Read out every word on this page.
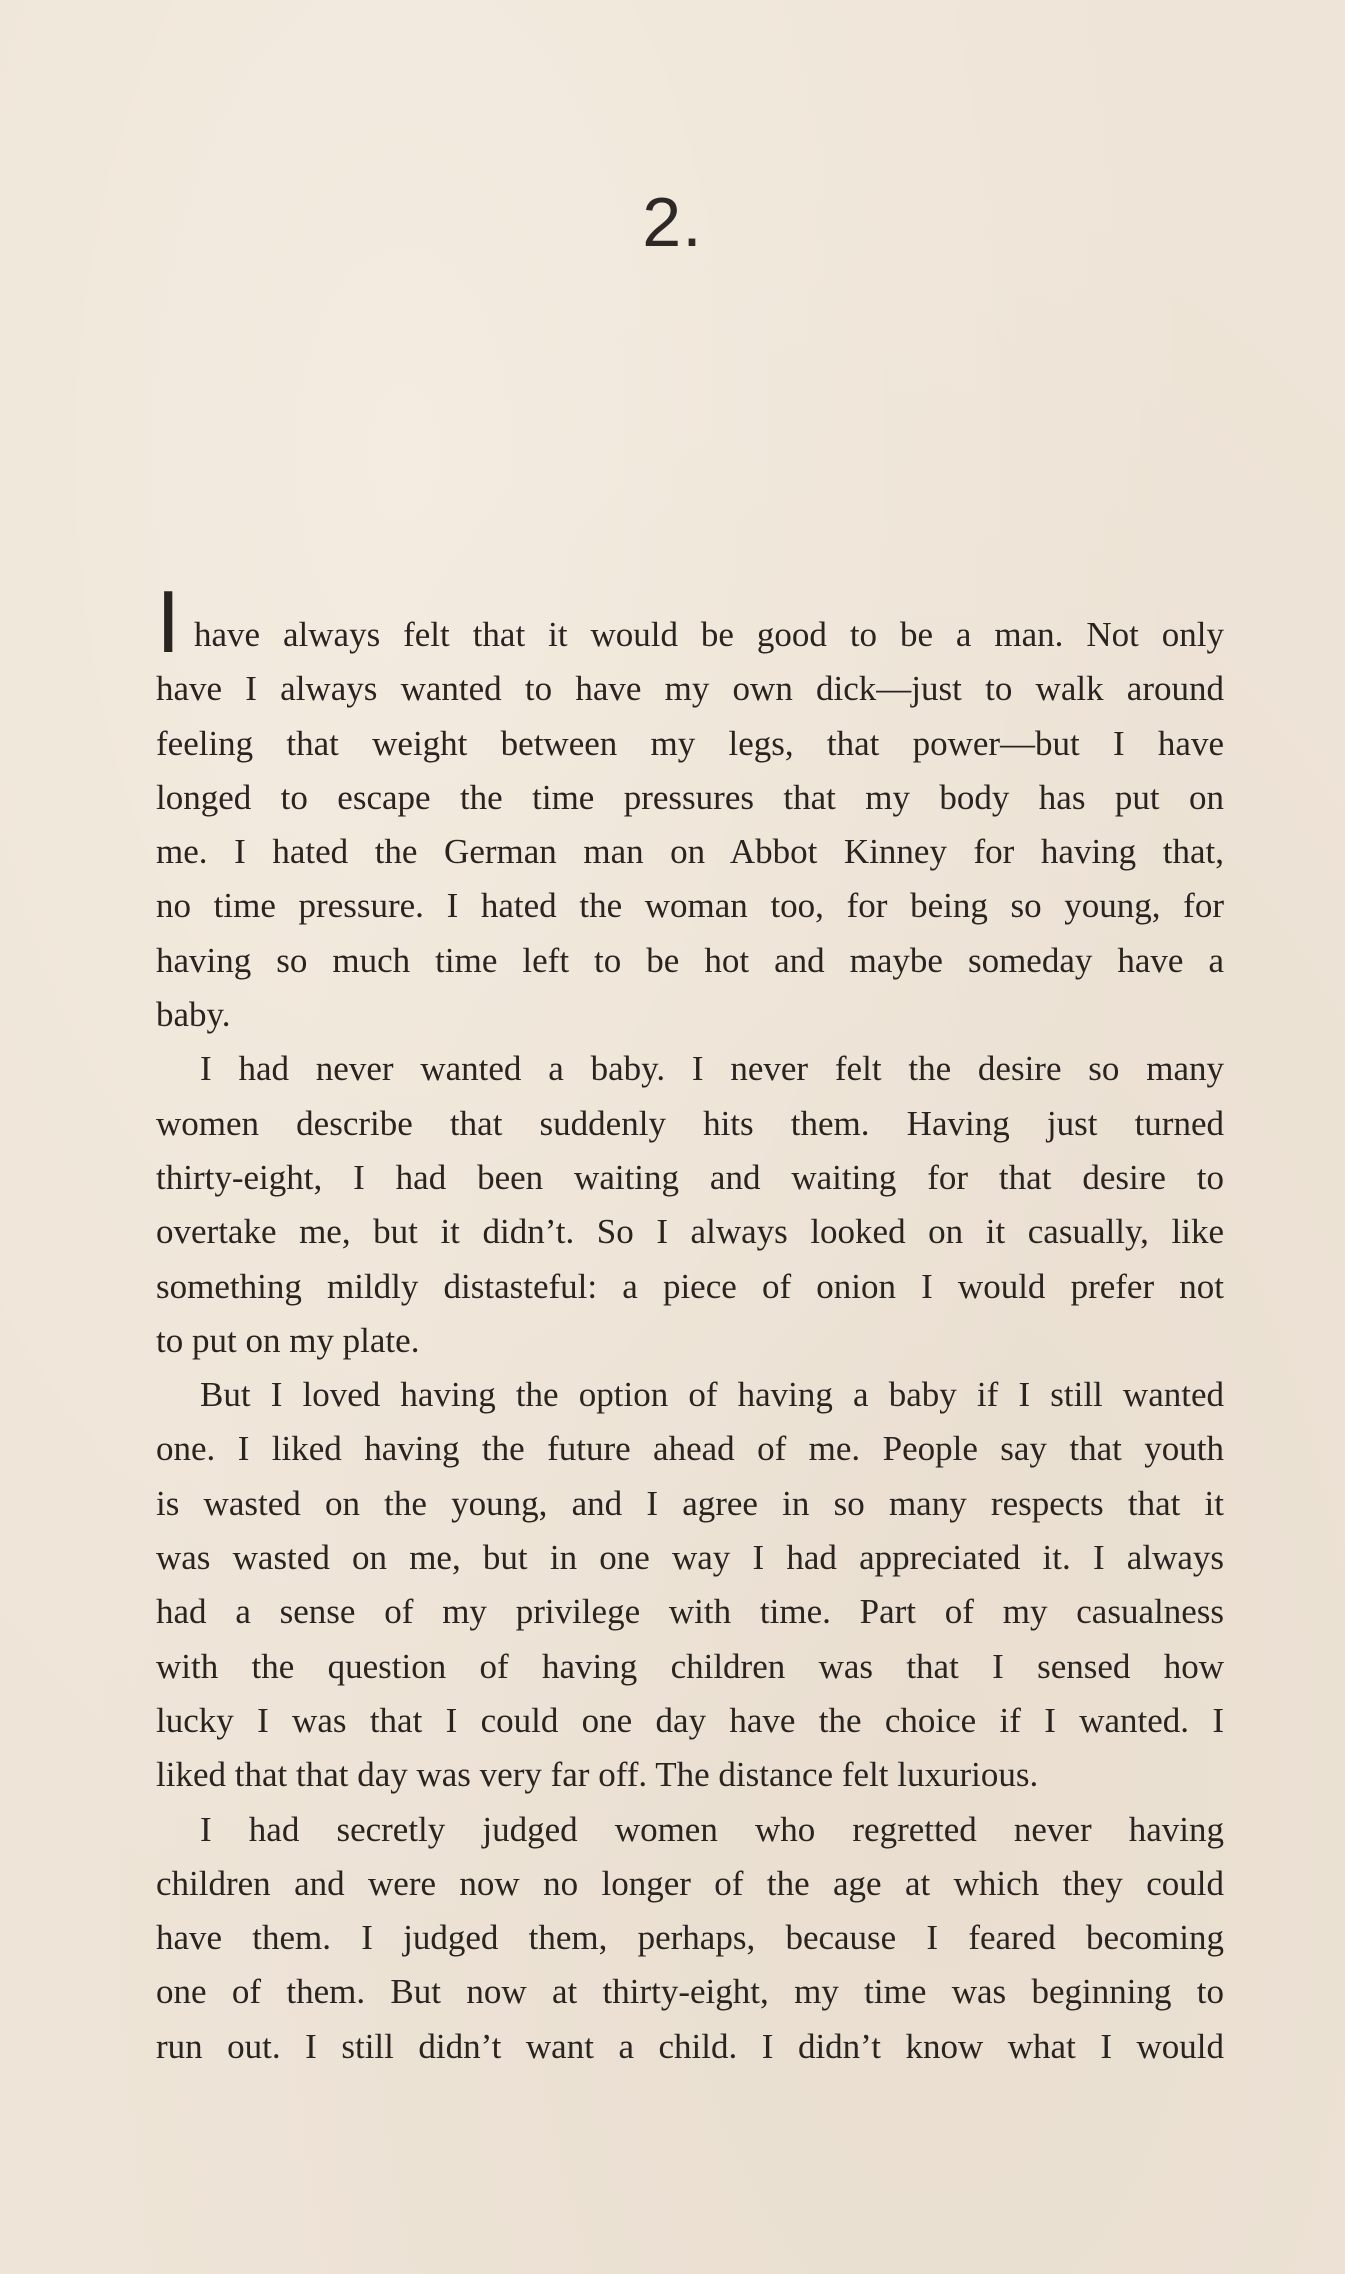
2.
I have always felt that it would be good to be a man. Not only
have I always wanted to have my own dick—just to walk around
feeling that weight between my legs, that power—but I have
longed to escape the time pressures that my body has put on
me. I hated the German man on Abbot Kinney for having that,
no time pressure. I hated the woman too, for being so young, for
having so much time left to be hot and maybe someday have a
baby.
I had never wanted a baby. I never felt the desire so many
women describe that suddenly hits them. Having just turned
thirty-eight, I had been waiting and waiting for that desire to
overtake me, but it didn’t. So I always looked on it casually, like
something mildly distasteful: a piece of onion I would prefer not
to put on my plate.
But I loved having the option of having a baby if I still wanted
one. I liked having the future ahead of me. People say that youth
is wasted on the young, and I agree in so many respects that it
was wasted on me, but in one way I had appreciated it. I always
had a sense of my privilege with time. Part of my casualness
with the question of having children was that I sensed how
lucky I was that I could one day have the choice if I wanted. I
liked that that day was very far off. The distance felt luxurious.
I had secretly judged women who regretted never having
children and were now no longer of the age at which they could
have them. I judged them, perhaps, because I feared becoming
one of them. But now at thirty-eight, my time was beginning to
run out. I still didn’t want a child. I didn’t know what I would
